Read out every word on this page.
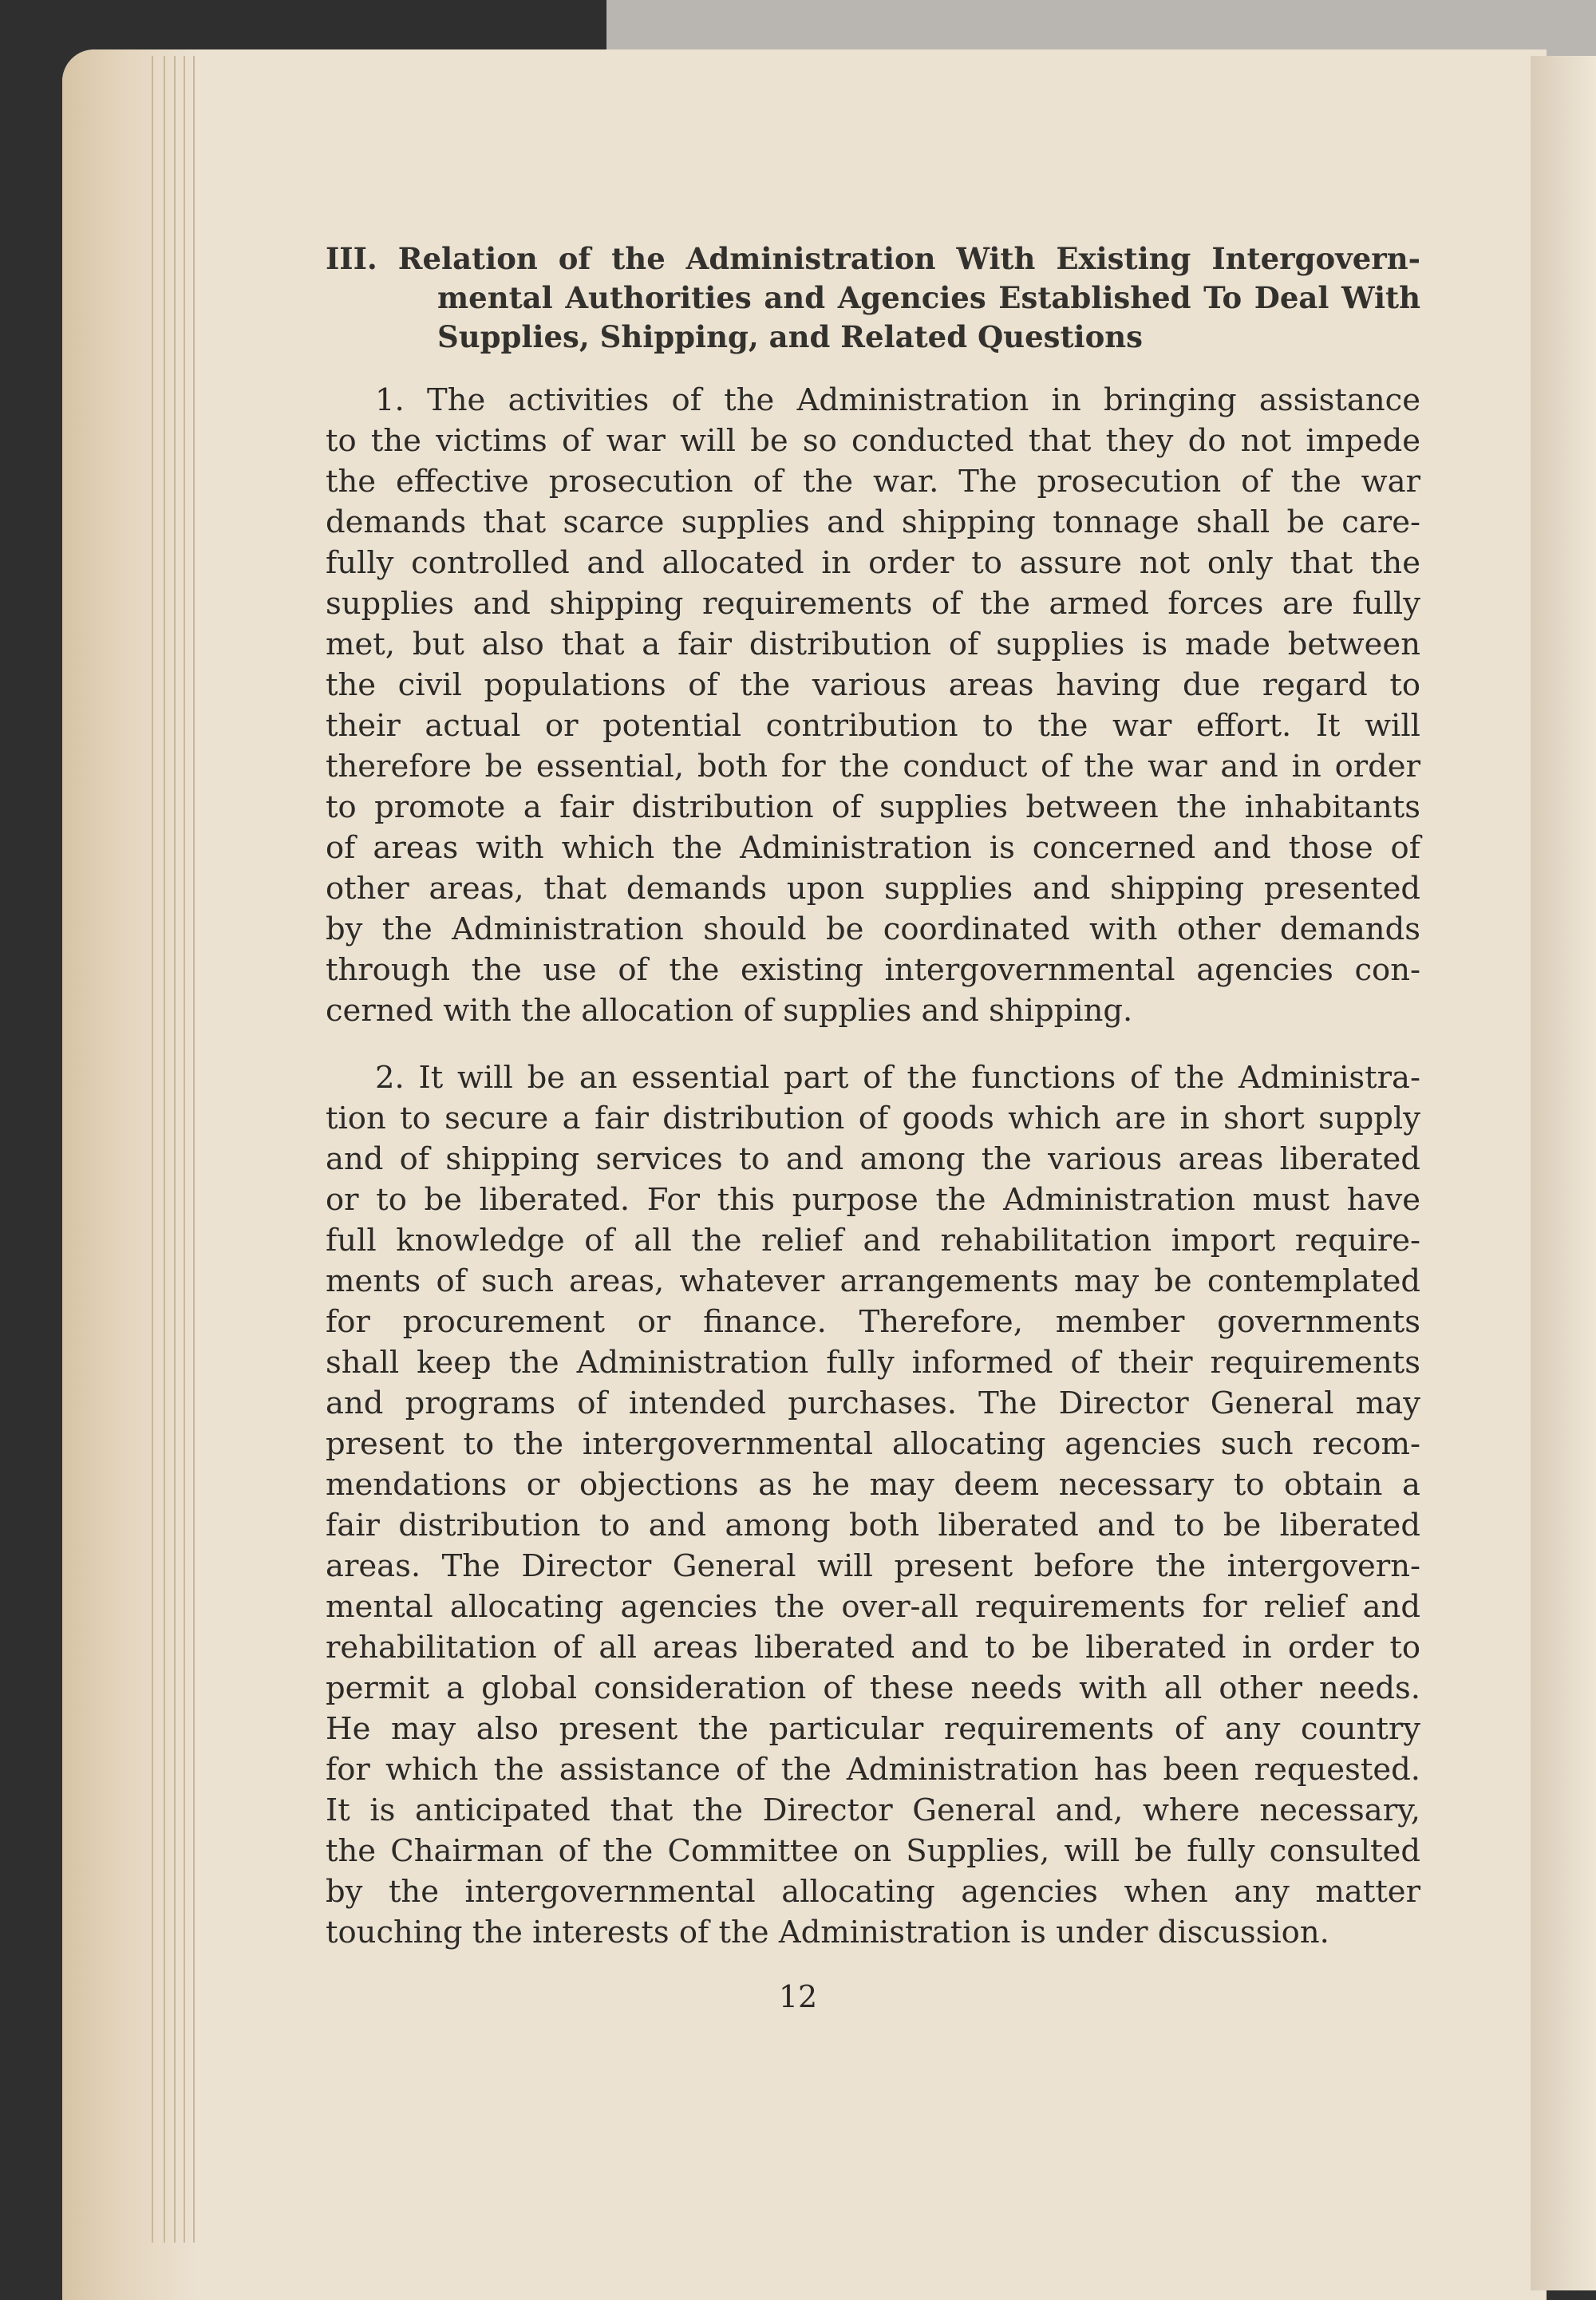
III. Relation of the Administration With Existing Intergovern-
mental Authorities and Agencies Established To Deal With
Supplies, Shipping, and Related Questions
1. The activities of the Administration in bringing assistance
to the victims of war will be so conducted that they do not impede
the effective prosecution of the war. The prosecution of the war
demands that scarce supplies and shipping tonnage shall be care-
fully controlled and allocated in order to assure not only that the
supplies and shipping requirements of the armed forces are fully
met, but also that a fair distribution of supplies is made between
the civil populations of the various areas having due regard to
their actual or potential contribution to the war effort. It will
therefore be essential, both for the conduct of the war and in order
to promote a fair distribution of supplies between the inhabitants
of areas with which the Administration is concerned and those of
other areas, that demands upon supplies and shipping presented
by the Administration should be coordinated with other demands
through the use of the existing intergovernmental agencies con-
cerned with the allocation of supplies and shipping.
2. It will be an essential part of the functions of the Administra-
tion to secure a fair distribution of goods which are in short supply
and of shipping services to and among the various areas liberated
or to be liberated. For this purpose the Administration must have
full knowledge of all the relief and rehabilitation import require-
ments of such areas, whatever arrangements may be contemplated
for procurement or finance. Therefore, member governments
shall keep the Administration fully informed of their requirements
and programs of intended purchases. The Director General may
present to the intergovernmental allocating agencies such recom-
mendations or objections as he may deem necessary to obtain a
fair distribution to and among both liberated and to be liberated
areas. The Director General will present before the intergovern-
mental allocating agencies the over-all requirements for relief and
rehabilitation of all areas liberated and to be liberated in order to
permit a global consideration of these needs with all other needs.
He may also present the particular requirements of any country
for which the assistance of the Administration has been requested.
It is anticipated that the Director General and, where necessary,
the Chairman of the Committee on Supplies, will be fully consulted
by the intergovernmental allocating agencies when any matter
touching the interests of the Administration is under discussion.
12
